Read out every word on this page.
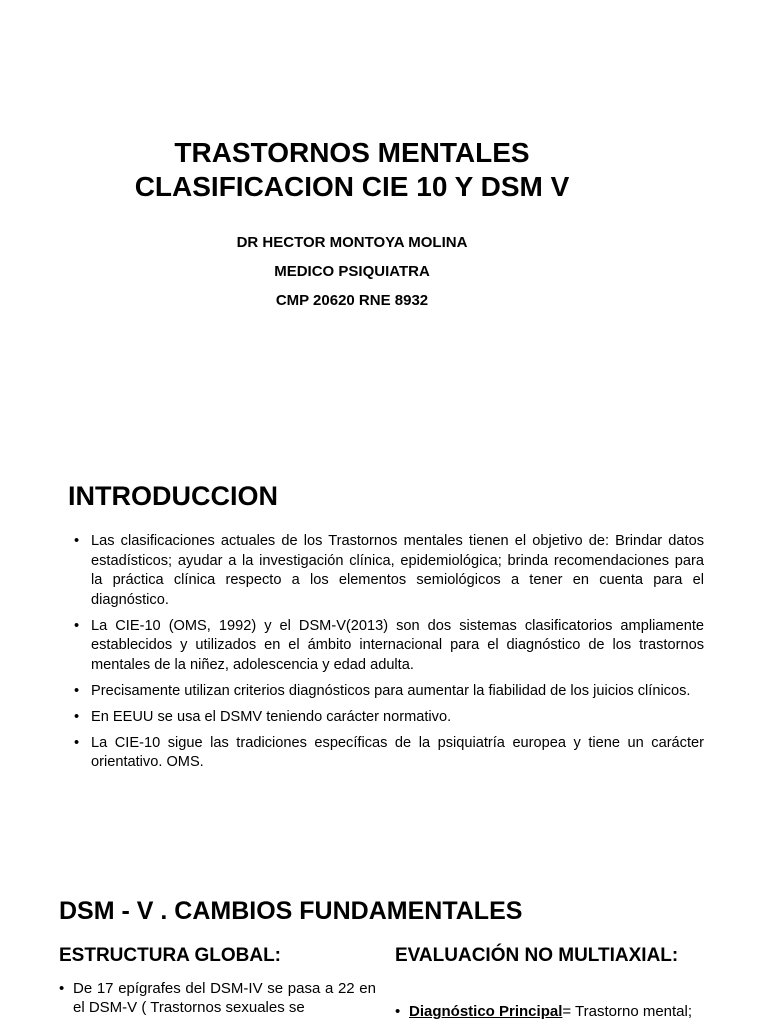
TRASTORNOS MENTALES
CLASIFICACION CIE 10 Y DSM V
DR HECTOR MONTOYA MOLINA
MEDICO PSIQUIATRA
CMP 20620 RNE 8932
INTRODUCCION
• Las clasificaciones actuales de los Trastornos mentales tienen el objetivo de: Brindar datos estadísticos; ayudar a la investigación clínica, epidemiológica; brinda recomendaciones para la práctica clínica respecto a los elementos semiológicos a tener en cuenta para el diagnóstico.
• La CIE-10 (OMS, 1992) y el DSM-V(2013) son dos sistemas clasificatorios ampliamente establecidos y utilizados en el ámbito internacional para el diagnóstico de los trastornos mentales de la niñez, adolescencia y edad adulta.
• Precisamente utilizan criterios diagnósticos para aumentar la fiabilidad de los juicios clínicos.
• En EEUU se usa el DSMV teniendo carácter normativo.
• La CIE-10 sigue las tradiciones específicas de la psiquiatría europea y tiene un carácter orientativo. OMS.
DSM - V . CAMBIOS FUNDAMENTALES
ESTRUCTURA GLOBAL:
• De 17 epígrafes del DSM-IV se pasa a 22 en el DSM-V ( Trastornos sexuales se
EVALUACIÓN NO MULTIAXIAL:
• Diagnóstico Principal= Trastorno mental;
